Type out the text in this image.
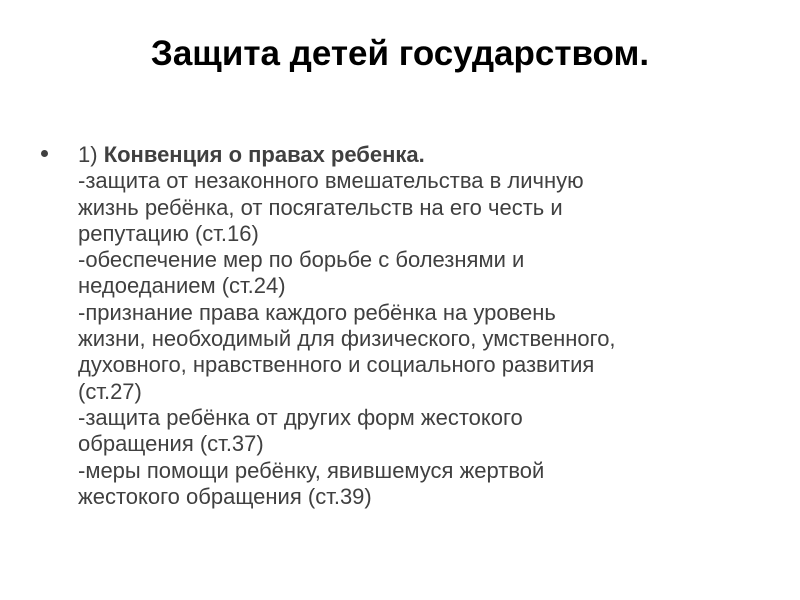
Защита детей государством.
1) Конвенция о правах ребенка.
-защита от незаконного вмешательства в личную
жизнь ребёнка, от посягательств на его честь и
репутацию (ст.16)
-обеспечение мер по борьбе с болезнями и
недоеданием (ст.24)
-признание права каждого ребёнка на уровень
жизни, необходимый для физического, умственного,
духовного, нравственного и социального развития
(ст.27)
-защита ребёнка от других форм жестокого
обращения (ст.37)
-меры помощи ребёнку, явившемуся жертвой
жестокого обращения (ст.39)
